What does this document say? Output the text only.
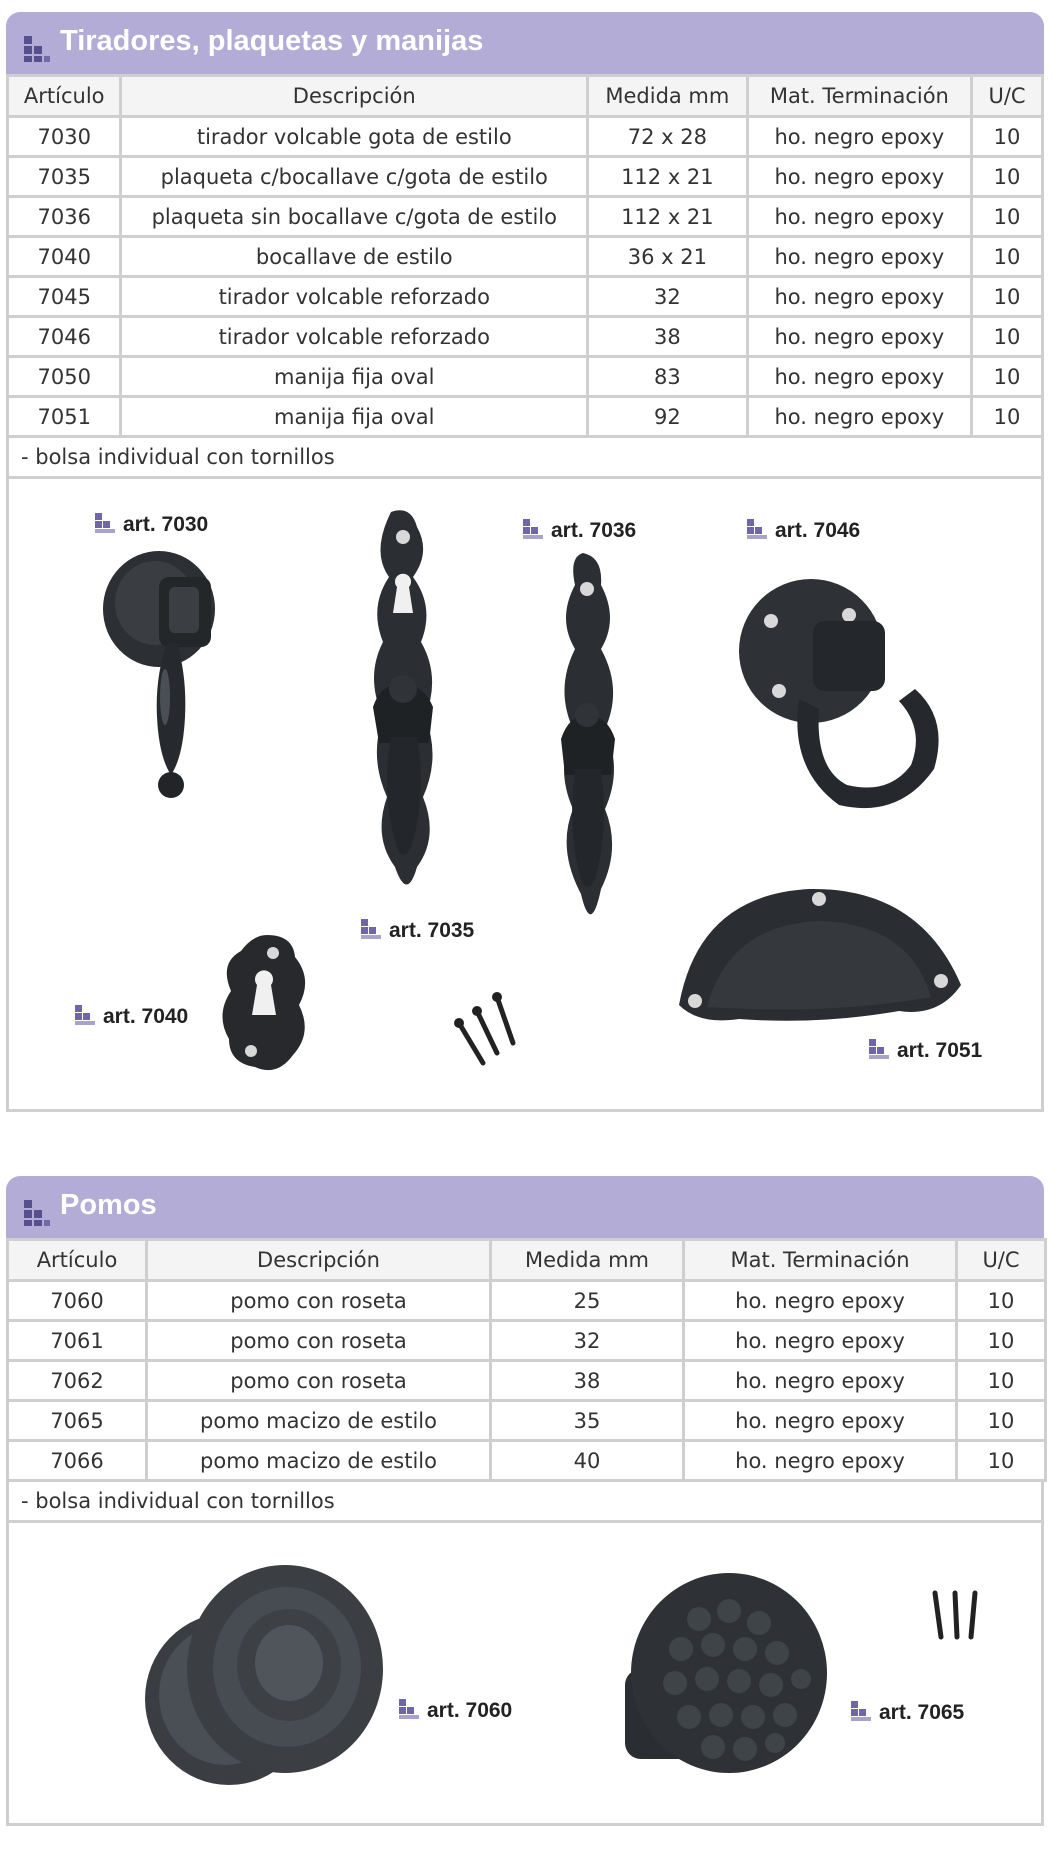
Tiradores, plaquetas y manijas
Artículo	Descripción	Medida mm	Mat. Terminación	U/C
7030	tirador volcable gota de estilo	72 x 28	ho. negro epoxy	10
7035	plaqueta c/bocallave c/gota de estilo	112 x 21	ho. negro epoxy	10
7036	plaqueta sin bocallave c/gota de estilo	112 x 21	ho. negro epoxy	10
7040	bocallave de estilo	36 x 21	ho. negro epoxy	10
7045	tirador volcable reforzado	32	ho. negro epoxy	10
7046	tirador volcable reforzado	38	ho. negro epoxy	10
7050	manija fija oval	83	ho. negro epoxy	10
7051	manija fija oval	92	ho. negro epoxy	10
- bolsa individual con tornillos
art. 7030
art. 7035
art. 7036	art. 7046
art. 7040
art. 7051
Pomos
Artículo	Descripción	Medida mm	Mat. Terminación	U/C
7060	pomo con roseta	25	ho. negro epoxy	10
7061	pomo con roseta	32	ho. negro epoxy	10
7062	pomo con roseta	38	ho. negro epoxy	10
7065	pomo macizo de estilo	35	ho. negro epoxy	10
7066	pomo macizo de estilo	40	ho. negro epoxy	10
- bolsa individual con tornillos
art. 7060	art. 7065
